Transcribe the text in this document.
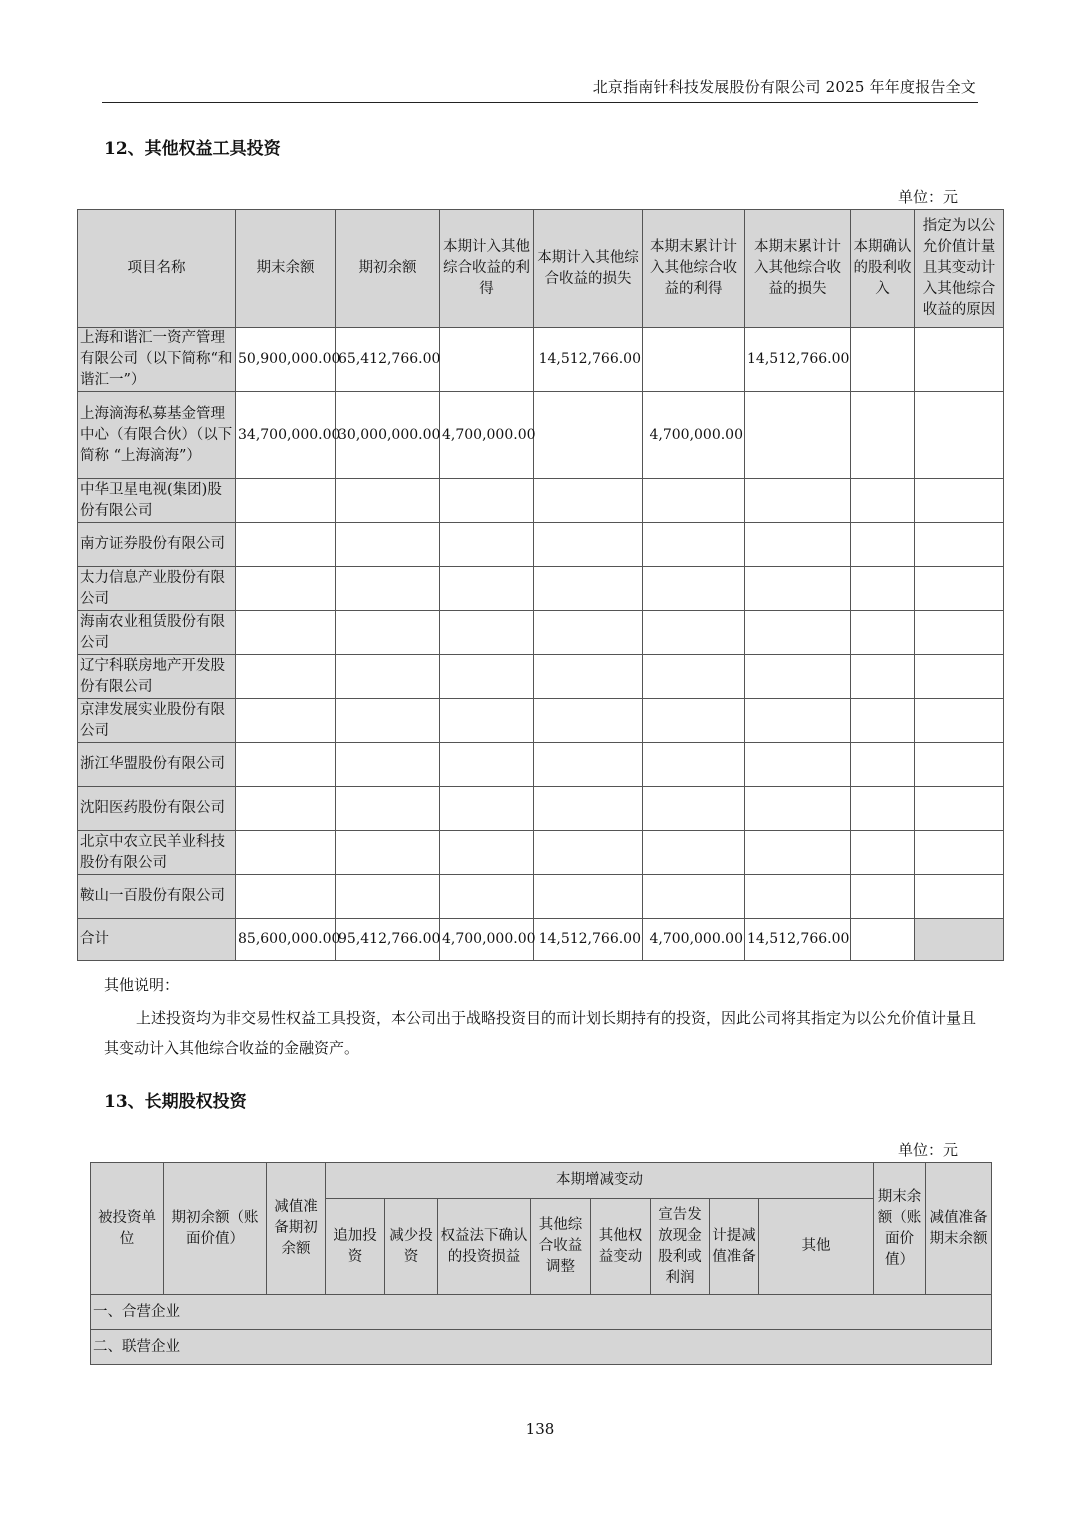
北京指南针科技发展股份有限公司 2025 年年度报告全文
12、其他权益工具投资
单位：元
项目名称	期末余额	期初余额	本期计入其他综合收益的利得	本期计入其他综合收益的损失	本期末累计计入其他综合收益的利得	本期末累计计入其他综合收益的损失	本期确认的股利收入	指定为以公允价值计量且其变动计入其他综合收益的原因
上海和谐汇一资产管理有限公司（以下简称“和谐汇一”）	50,900,000.00	65,412,766.00		14,512,766.00		14,512,766.00		
上海滴海私募基金管理中心（有限合伙）（以下简称 “上海滴海”）	34,700,000.00	30,000,000.00	4,700,000.00		4,700,000.00			
中华卫星电视(集团)股份有限公司								
南方证券股份有限公司								
太力信息产业股份有限公司								
海南农业租赁股份有限公司								
辽宁科联房地产开发股份有限公司								
京津发展实业股份有限公司								
浙江华盟股份有限公司								
沈阳医药股份有限公司								
北京中农立民羊业科技股份有限公司								
鞍山一百股份有限公司								
合计	85,600,000.00	95,412,766.00	4,700,000.00	14,512,766.00	4,700,000.00	14,512,766.00		
其他说明：
上述投资均为非交易性权益工具投资，本公司出于战略投资目的而计划长期持有的投资，因此公司将其指定为以公允价值计量且其变动计入其他综合收益的金融资产。
13、长期股权投资
单位：元
被投资单位	期初余额（账面价值）	减值准备期初余额	本期增减变动								期末余额（账面价值）	减值准备期末余额
			追加投资	减少投资	权益法下确认的投资损益	其他综合收益调整	其他权益变动	宣告发放现金股利或利润	计提减值准备	其他		
一、合营企业												
二、联营企业												
138
